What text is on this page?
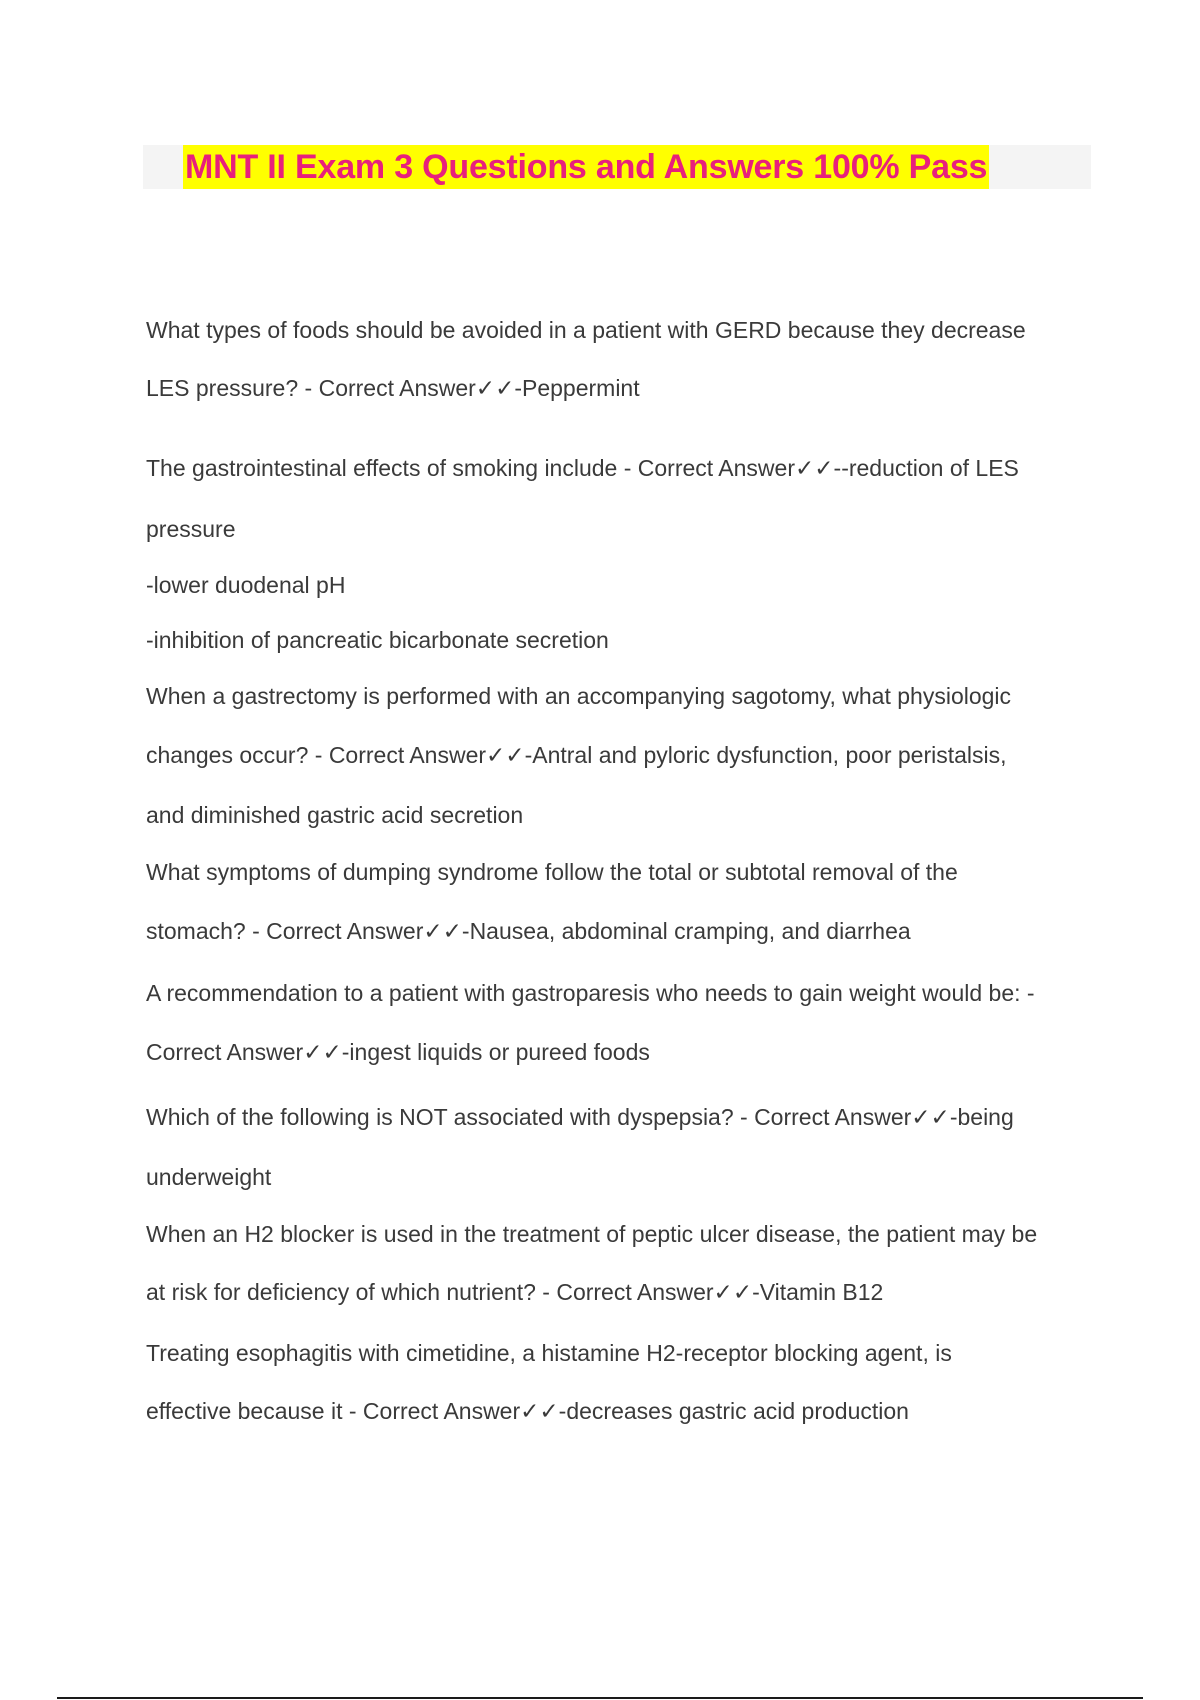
MNT II Exam 3 Questions and Answers 100% Pass
What types of foods should be avoided in a patient with GERD because they decrease
LES pressure? - Correct Answer✓✓-Peppermint
The gastrointestinal effects of smoking include - Correct Answer✓✓--reduction of LES
pressure
-lower duodenal pH
-inhibition of pancreatic bicarbonate secretion
When a gastrectomy is performed with an accompanying sagotomy, what physiologic
changes occur? - Correct Answer✓✓-Antral and pyloric dysfunction, poor peristalsis,
and diminished gastric acid secretion
What symptoms of dumping syndrome follow the total or subtotal removal of the
stomach? - Correct Answer✓✓-Nausea, abdominal cramping, and diarrhea
A recommendation to a patient with gastroparesis who needs to gain weight would be: -
Correct Answer✓✓-ingest liquids or pureed foods
Which of the following is NOT associated with dyspepsia? - Correct Answer✓✓-being
underweight
When an H2 blocker is used in the treatment of peptic ulcer disease, the patient may be
at risk for deficiency of which nutrient? - Correct Answer✓✓-Vitamin B12
Treating esophagitis with cimetidine, a histamine H2-receptor blocking agent, is
effective because it - Correct Answer✓✓-decreases gastric acid production
